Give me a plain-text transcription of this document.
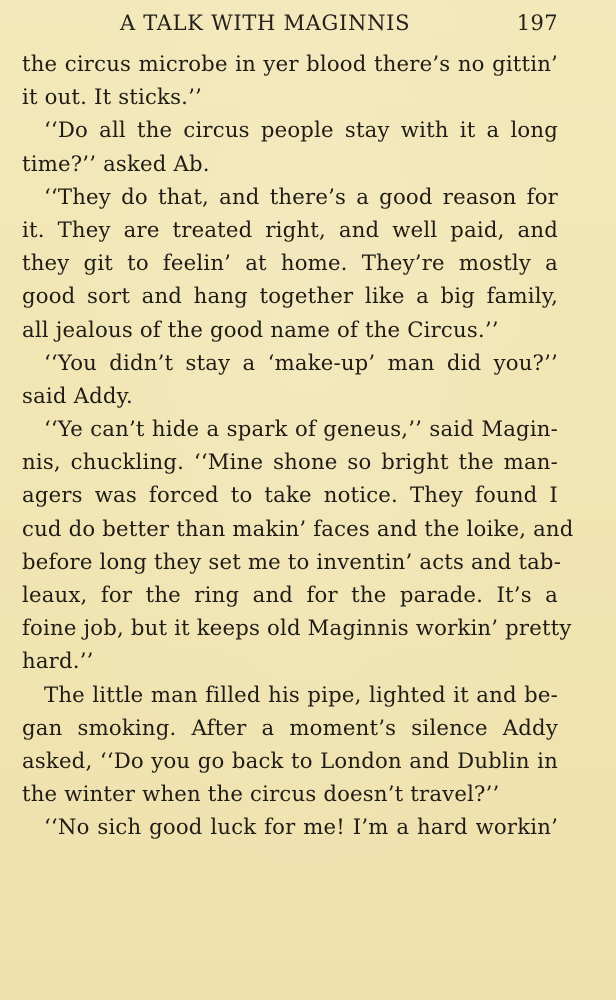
A TALK WITH MAGINNIS	197
the circus microbe in yer blood there’s no gittin’
it out. It sticks.’’
‘‘Do all the circus people stay with it a long
time?’’ asked Ab.
‘‘They do that, and there’s a good reason for
it. They are treated right, and well paid, and
they git to feelin’ at home. They’re mostly a
good sort and hang together like a big family,
all jealous of the good name of the Circus.’’
‘‘You didn’t stay a ‘make-up’ man did you?’’
said Addy.
‘‘Ye can’t hide a spark of geneus,’’ said Magin-
nis, chuckling. ‘‘Mine shone so bright the man-
agers was forced to take notice. They found I
cud do better than makin’ faces and the loike, and
before long they set me to inventin’ acts and tab-
leaux, for the ring and for the parade. It’s a
foine job, but it keeps old Maginnis workin’ pretty
hard.’’
The little man filled his pipe, lighted it and be-
gan smoking. After a moment’s silence Addy
asked, ‘‘Do you go back to London and Dublin in
the winter when the circus doesn’t travel?’’
‘‘No sich good luck for me! I’m a hard workin’
